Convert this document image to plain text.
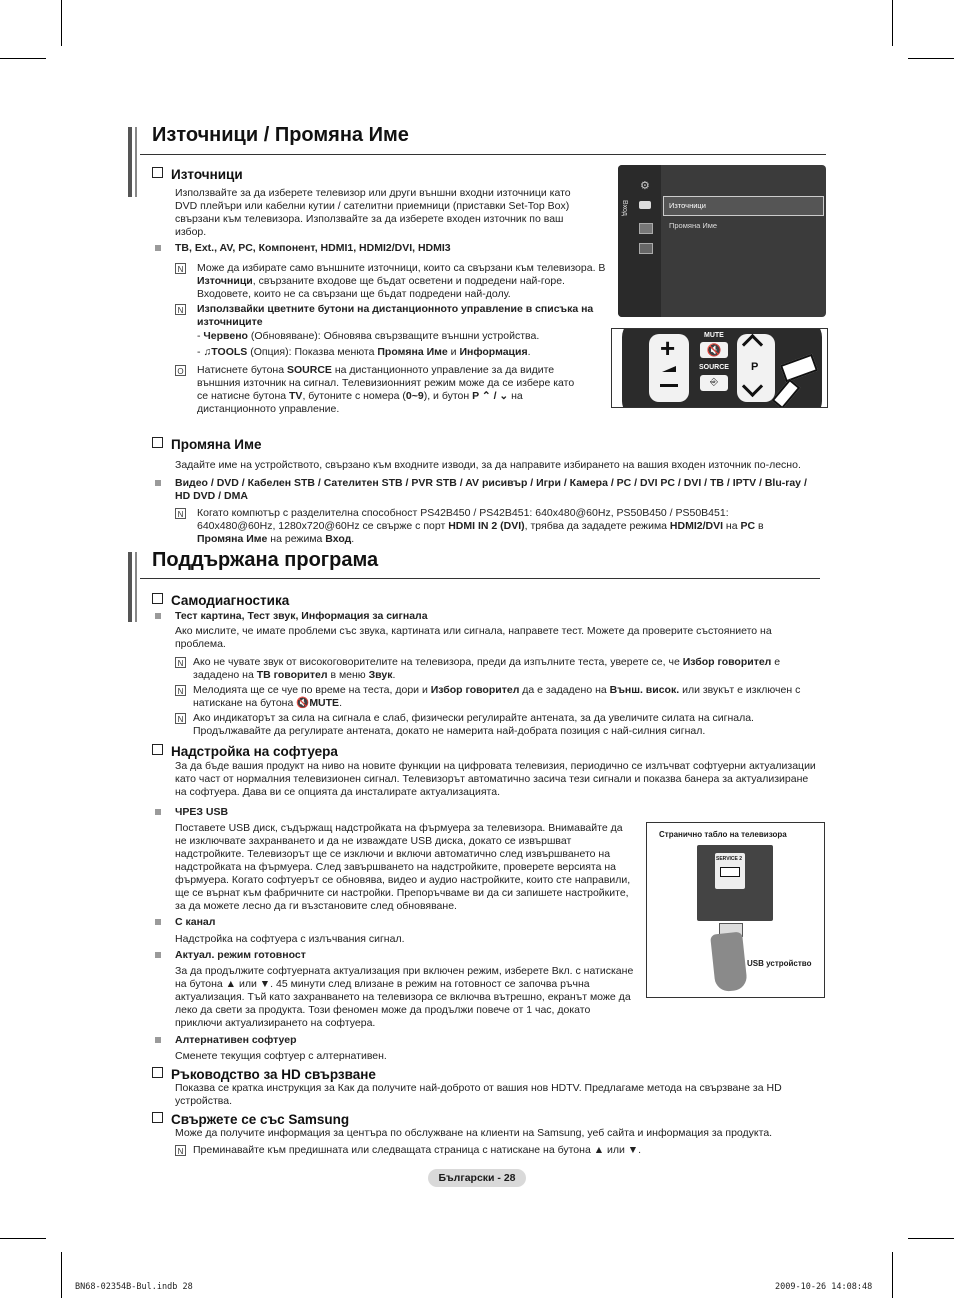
Източници / Промяна Име
Източници
Използвайте за да изберете телевизор или други външни входни източници като DVD плейъри или кабелни кутии / сателитни приемници (приставки Set-Top Box) свързани към телевизора. Използвайте за да изберете входен източник по ваш избор.
TB, Ext., AV, PC, Компонент, HDMI1, HDMI2/DVI, HDMI3
N Може да избирате само външните източници, които са свързани към телевизора. В Източници, свързаните входове ще бъдат осветени и подредени най-горе. Входовете, които не са свързани ще бъдат подредени най-долу.
N Използвайки цветните бутони на дистанционното управление в списъка на източниците
- Червено (Обновяване): Обновява свързващите външни устройства.
- ♫TOOLS (Опция): Показва менюта Промяна Име и Информация.
O Натиснете бутона SOURCE на дистанционното управление за да видите външния източник на сигнал. Телевизионният режим може да се избере като се натисне бутона TV, бутоните с номера (0~9), и бутон P ⌃ / ⌄ на дистанционното управление.
Вход
⚙
Източници
Промяна Име
+	🔇
MUTE
SOURCE
⎆
P
Промяна Име
Задайте име на устройството, свързано към входните изводи, за да направите избирането на вашия входен източник по-лесно.
Видео / DVD / Кабелен STB / Сателитен STB / PVR STB / AV рисивър / Игри / Камера / PC / DVI PC / DVI / TB / IPTV / Blu-ray / HD DVD / DMA
N Когато компютър с разделителна способност PS42B450 / PS42B451: 640x480@60Hz, PS50B450 / PS50B451: 640x480@60Hz, 1280x720@60Hz се свърже с порт HDMI IN 2 (DVI), трябва да зададете режима HDMI2/DVI на PC в Промяна Име на режима Вход.
Поддържана програма
Самодиагностика
Тест картина, Тест звук, Информация за сигнала
Ако мислите, че имате проблеми със звука, картината или сигнала, направете тест. Можете да проверите състоянието на проблема.
N Ако не чувате звук от високоговорителите на телевизора, преди да изпълните теста, уверете се, че Избор говорител е зададено на ТВ говорител в меню Звук.
N Мелодията ще се чуе по време на теста, дори и Избор говорител да е зададено на Външ. висок. или звукът е изключен с натискане на бутона 🔇MUTE.
N Ако индикаторът за сила на сигнала е слаб, физически регулирайте антената, за да увеличите силата на сигнала. Продължавайте да регулирате антената, докато не намерита най-добрата позиция с най-силния сигнал.
Надстройка на софтуера
За да бъде вашия продукт на ниво на новите функции на цифровата телевизия, периодично се излъчват софтуерни актуализации като част от нормалния телевизионен сигнал. Телевизорът автоматично засича тези сигнали и показва банера за актуализиране на софтуера. Дава ви се опцията да инсталирате актуализацията.
ЧРЕЗ USB
Поставете USB диск, съдържащ надстройката на фърмуера за телевизора. Внимавайте да не изключвате захранването и да не изваждате USB диска, докато се извършват надстройките. Телевизорът ще се изключи и включи автоматично след извършването на надстройката на фърмуера. След завършването на надстройките, проверете версията на фърмуера. Когато софтуерът се обновява, видео и аудио настройките, които сте направили, ще се върнат към фабричните си настройки. Препоръчваме ви да си запишете настройките, за да можете лесно да ги възстановите след обновяване.
С канал
Надстройка на софтуера с излъчвания сигнал.
Актуал. режим готовност
За да продължите софтуерната актуализация при включен режим, изберете Вкл. с натискане на бутона ▲ или ▼. 45 минути след влизане в режим на готовност се започва ръчна актуализация. Тъй като захранването на телевизора се включва вътрешно, екранът може да леко да свети за продукта. Този феномен може да продължи повече от 1 час, докато приключи актуализирането на софтуера.
Алтернативен софтуер
Сменете текущия софтуер с алтернативен.
Странично табло на телевизора
SERVICE 2
USB устройство
Ръководство за HD свързване
Показва се кратка инструкция за Как да получите най-доброто от вашия нов HDTV. Предлагаме метода на свързване за HD устройства.
Свържете се със Samsung
Може да получите информация за центъра по обслужване на клиенти на Samsung, уеб сайта и информация за продукта.
N Преминавайте към предишната или следващата страница с натискане на бутона ▲ или ▼.
Български - 28
BN68-02354B-Bul.indb 28	2009-10-26 14:08:48
